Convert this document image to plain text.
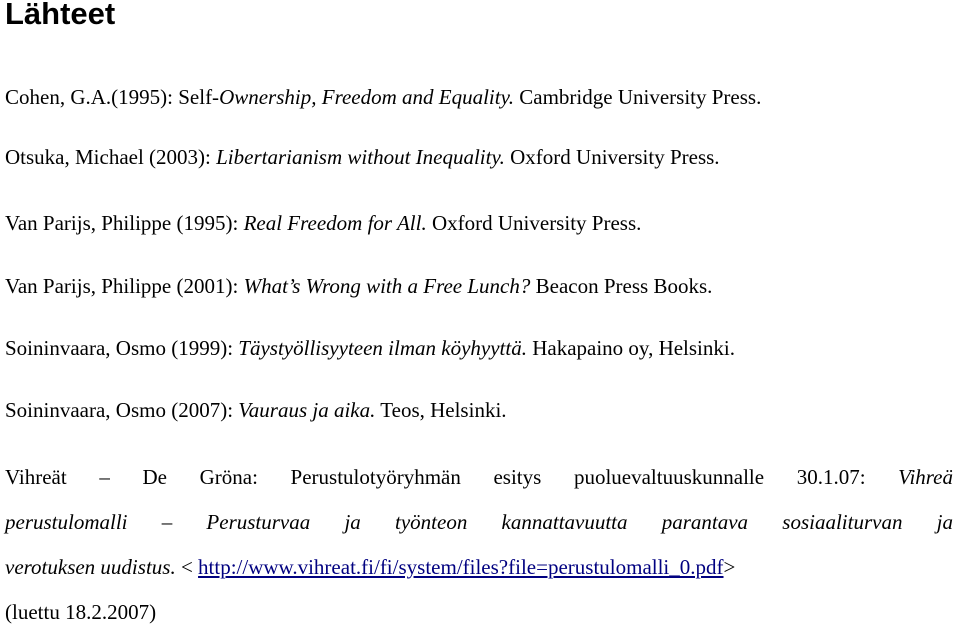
Lähteet

Cohen, G.A.(1995): Self-Ownership, Freedom and Equality. Cambridge University Press.

Otsuka, Michael (2003): Libertarianism without Inequality. Oxford University Press.

Van Parijs, Philippe (1995): Real Freedom for All. Oxford University Press.

Van Parijs, Philippe (2001): What’s Wrong with a Free Lunch? Beacon Press Books.

Soininvaara, Osmo (1999): Täystyöllisyyteen ilman köyhyyttä. Hakapaino oy, Helsinki.

Soininvaara, Osmo (2007): Vauraus ja aika. Teos, Helsinki.

Vihreät – De Gröna: Perustulotyöryhmän esitys puoluevaltuuskunnalle 30.1.07: Vihreä
perustulomalli – Perusturvaa ja työnteon kannattavuutta parantava sosiaaliturvan ja
verotuksen uudistus. < http://www.vihreat.fi/fi/system/files?file=perustulomalli_0.pdf>
(luettu 18.2.2007)
